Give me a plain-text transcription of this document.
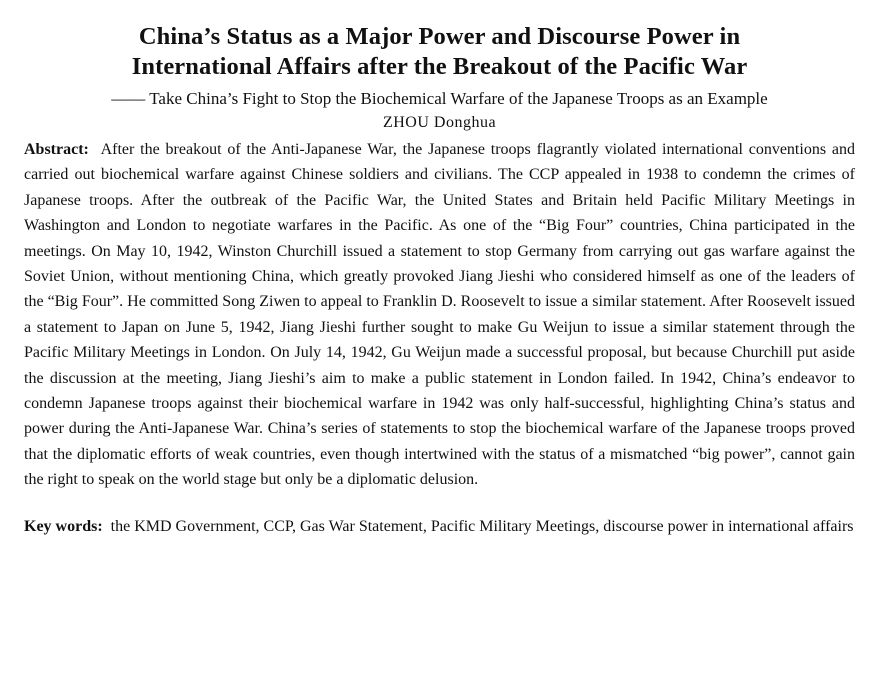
China’s Status as a Major Power and Discourse Power in
International Affairs after the Breakout of the Pacific War
—— Take China’s Fight to Stop the Biochemical Warfare of the Japanese Troops as an Example
ZHOU Donghua

Abstract: After the breakout of the Anti-Japanese War, the Japanese troops flagrantly violated international conventions and carried out biochemical warfare against Chinese soldiers and civilians. The CCP appealed in 1938 to condemn the crimes of Japanese troops. After the outbreak of the Pacific War, the United States and Britain held Pacific Military Meetings in Washington and London to negotiate warfares in the Pacific. As one of the “Big Four” countries, China participated in the meetings. On May 10, 1942, Winston Churchill issued a statement to stop Germany from carrying out gas warfare against the Soviet Union, without mentioning China, which greatly provoked Jiang Jieshi who considered himself as one of the leaders of the “Big Four”. He committed Song Ziwen to appeal to Franklin D. Roosevelt to issue a similar statement. After Roosevelt issued a statement to Japan on June 5, 1942, Jiang Jieshi further sought to make Gu Weijun to issue a similar statement through the Pacific Military Meetings in London. On July 14, 1942, Gu Weijun made a successful proposal, but because Churchill put aside the discussion at the meeting, Jiang Jieshi’s aim to make a public statement in London failed. In 1942, China’s endeavor to condemn Japanese troops against their biochemical warfare in 1942 was only half-successful, highlighting China’s status and power during the Anti-Japanese War. China’s series of statements to stop the biochemical warfare of the Japanese troops proved that the diplomatic efforts of weak countries, even though intertwined with the status of a mismatched “big power”, cannot gain the right to speak on the world stage but only be a diplomatic delusion.

Key words: the KMD Government, CCP, Gas War Statement, Pacific Military Meetings, discourse power in international affairs
